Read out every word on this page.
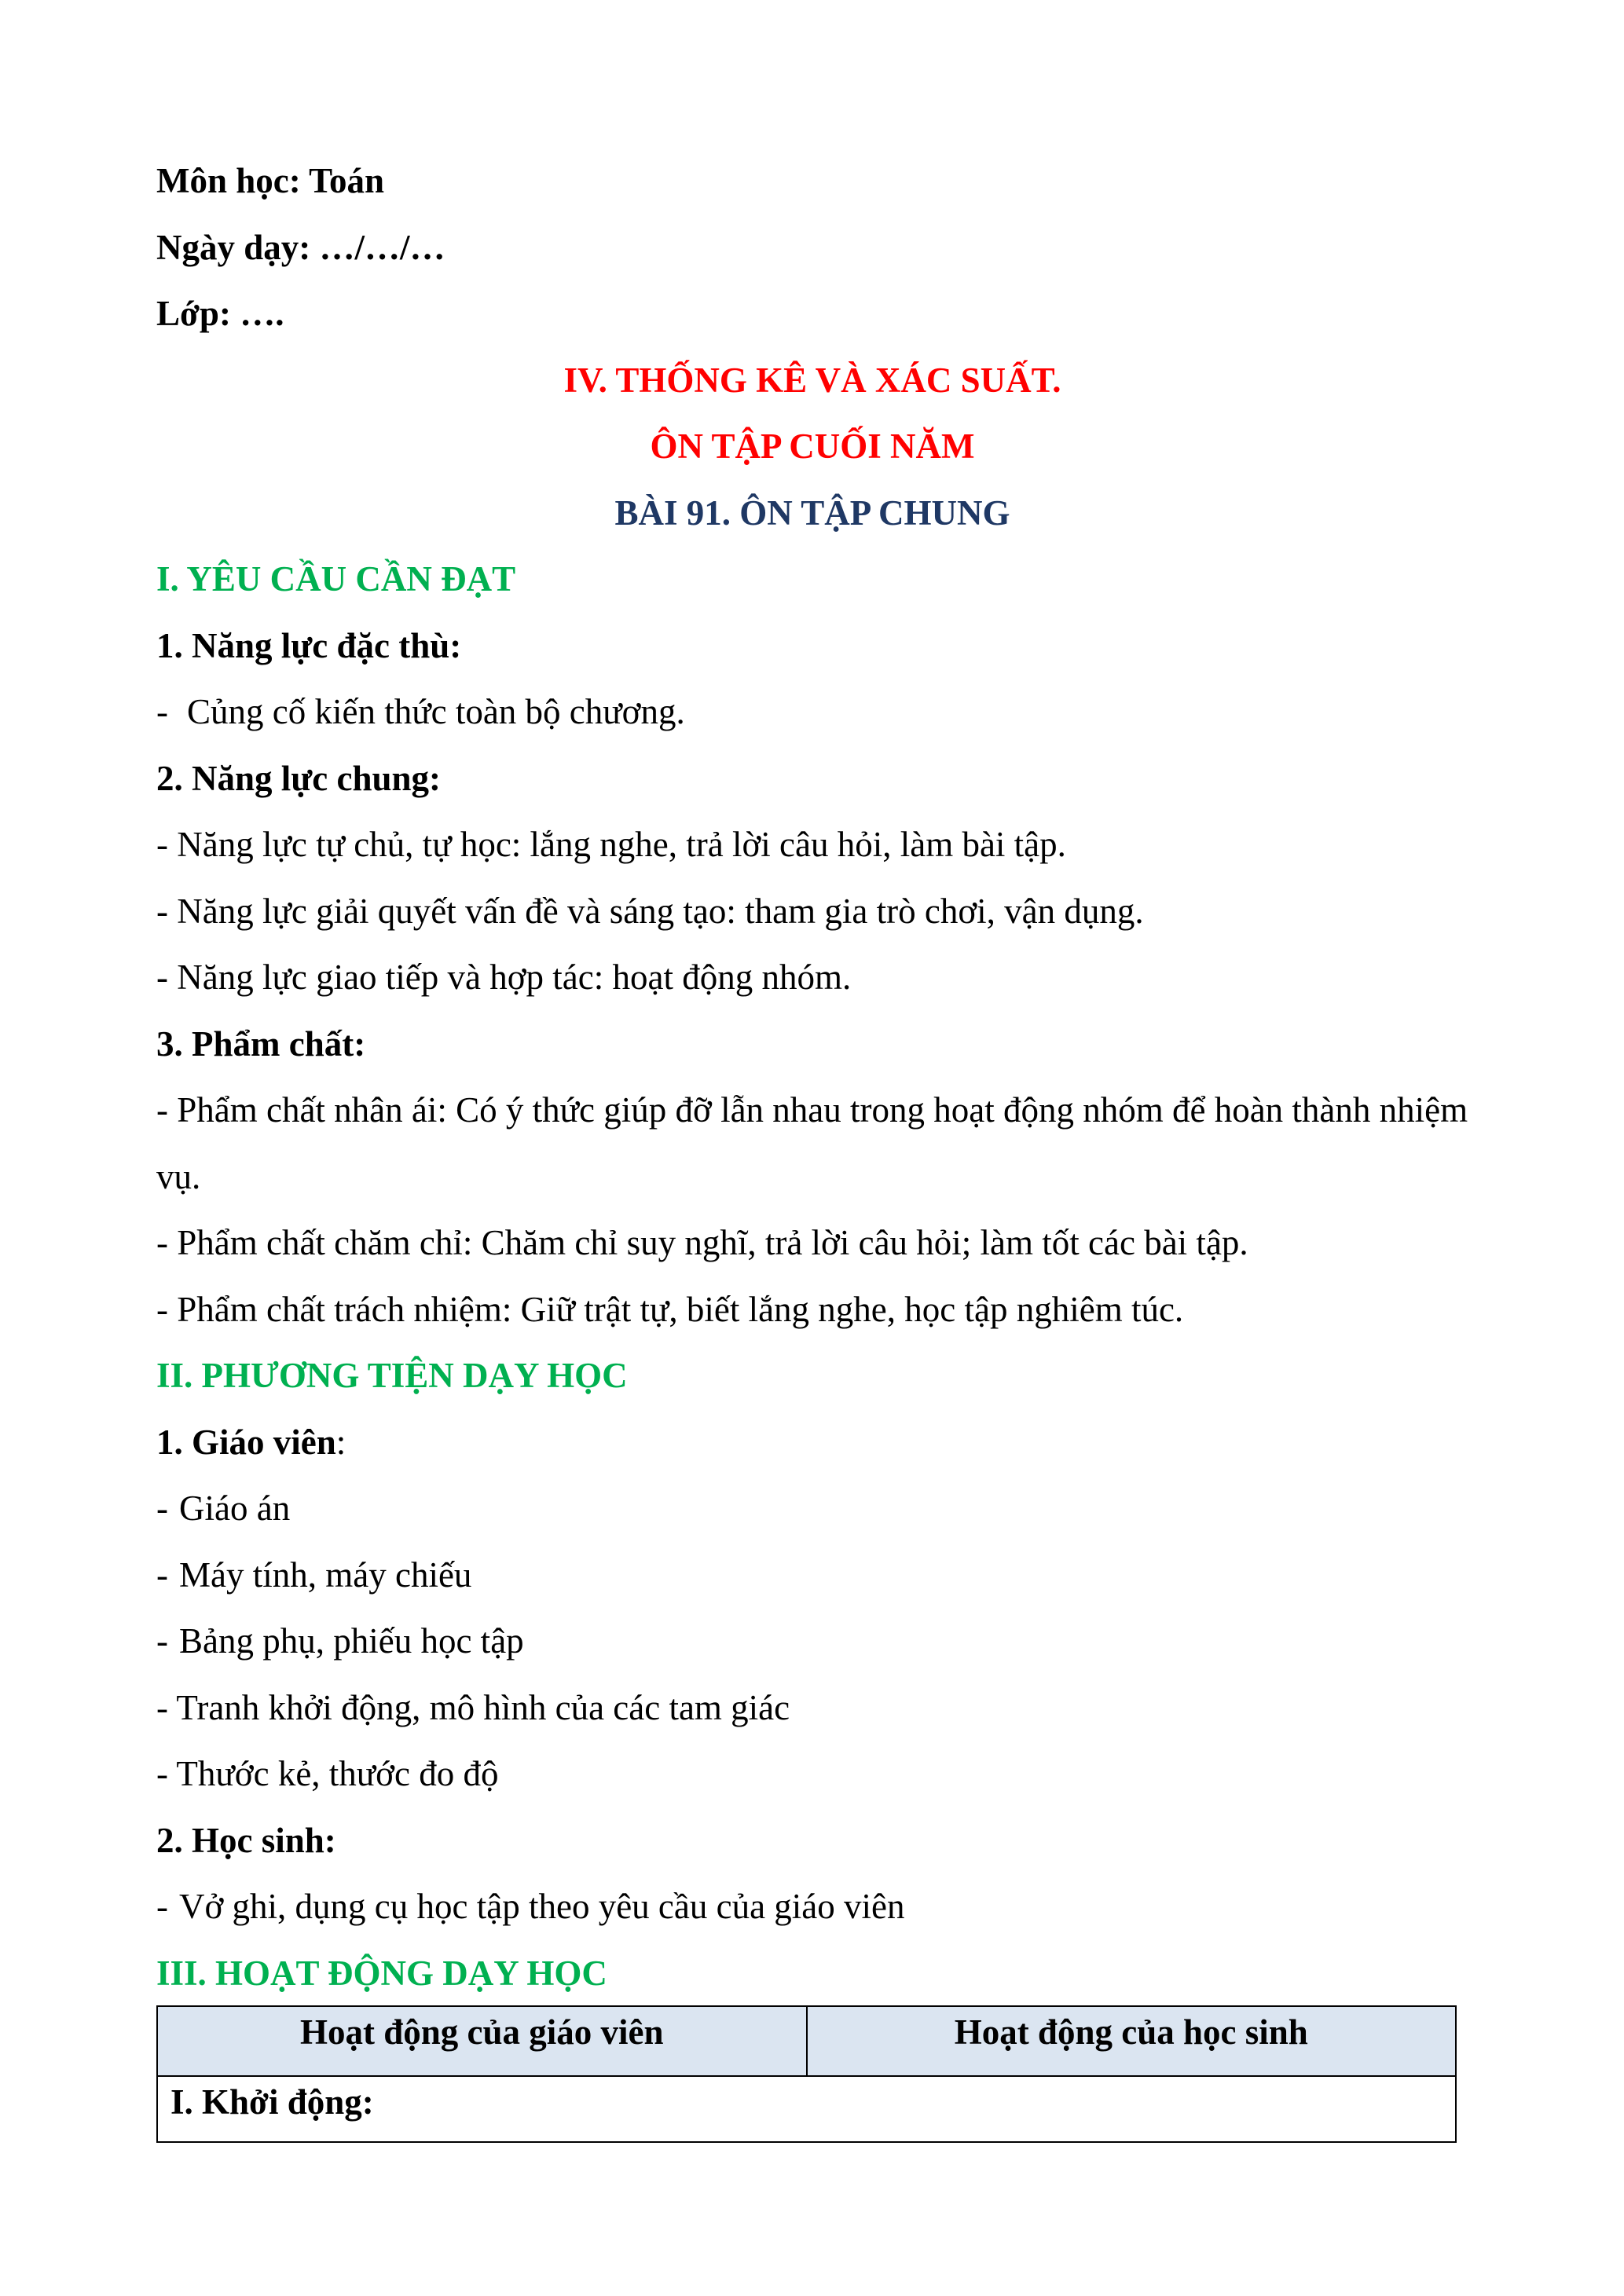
Môn học: Toán
Ngày dạy: …/…/…
Lớp: ….
IV. THỐNG KÊ VÀ XÁC SUẤT.
ÔN TẬP CUỐI NĂM
BÀI 91. ÔN TẬP CHUNG
I. YÊU CẦU CẦN ĐẠT
1. Năng lực đặc thù:
- Củng cố kiến thức toàn bộ chương.
2. Năng lực chung:
- Năng lực tự chủ, tự học: lắng nghe, trả lời câu hỏi, làm bài tập.
- Năng lực giải quyết vấn đề và sáng tạo: tham gia trò chơi, vận dụng.
- Năng lực giao tiếp và hợp tác: hoạt động nhóm.
3. Phẩm chất:
- Phẩm chất nhân ái: Có ý thức giúp đỡ lẫn nhau trong hoạt động nhóm để hoàn thành nhiệm vụ.
- Phẩm chất chăm chỉ: Chăm chỉ suy nghĩ, trả lời câu hỏi; làm tốt các bài tập.
- Phẩm chất trách nhiệm: Giữ trật tự, biết lắng nghe, học tập nghiêm túc.
II. PHƯƠNG TIỆN DẠY HỌC
1. Giáo viên:
- Giáo án
- Máy tính, máy chiếu
- Bảng phụ, phiếu học tập
- Tranh khởi động, mô hình của các tam giác
- Thước kẻ, thước đo độ
2. Học sinh:
- Vở ghi, dụng cụ học tập theo yêu cầu của giáo viên
III. HOẠT ĐỘNG DẠY HỌC
Hoạt động của giáo viên	Hoạt động của học sinh
I. Khởi động:
